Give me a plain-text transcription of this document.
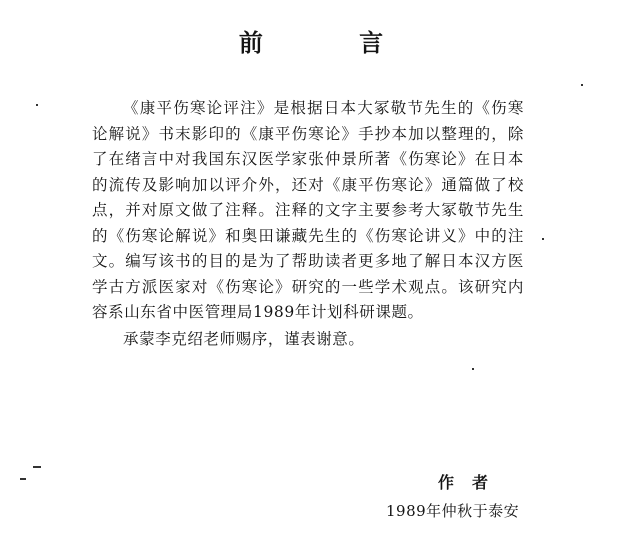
前 言

《康平伤寒论评注》是根据日本大冢敬节先生的《伤寒论解说》书末影印的《康平伤寒论》手抄本加以整理的，除了在绪言中对我国东汉医学家张仲景所著《伤寒论》在日本的流传及影响加以评介外，还对《康平伤寒论》通篇做了校点，并对原文做了注释。注释的文字主要参考大冢敬节先生的《伤寒论解说》和奥田谦藏先生的《伤寒论讲义》中的注文。编写该书的目的是为了帮助读者更多地了解日本汉方医学古方派医家对《伤寒论》研究的一些学术观点。该研究内容系山东省中医管理局1989年计划科研课题。

承蒙李克绍老师赐序，谨表谢意。

作者
1989年仲秋于泰安
